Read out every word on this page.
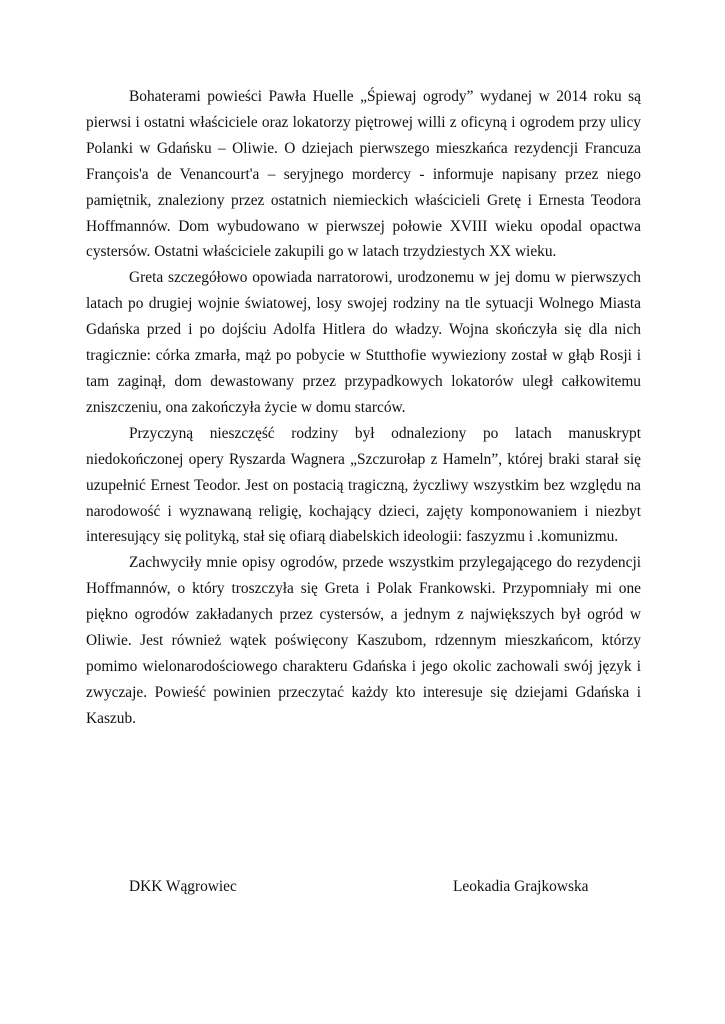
Bohaterami powieści Pawła Huelle „Śpiewaj ogrody” wydanej w 2014 roku są pierwsi i ostatni właściciele oraz lokatorzy piętrowej willi z oficyną i ogrodem przy ulicy Polanki w Gdańsku – Oliwie. O dziejach pierwszego mieszkańca rezydencji Francuza François'a de Venancourt'a – seryjnego mordercy - informuje napisany przez niego pamiętnik, znaleziony przez ostatnich niemieckich właścicieli Gretę i Ernesta Teodora Hoffmannów. Dom wybudowano w pierwszej połowie XVIII wieku opodal opactwa cystersów. Ostatni właściciele zakupili go w latach trzydziestych XX wieku.

Greta szczegółowo opowiada narratorowi, urodzonemu w jej domu w pierwszych latach po drugiej wojnie światowej, losy swojej rodziny na tle sytuacji Wolnego Miasta Gdańska przed i po dojściu Adolfa Hitlera do władzy. Wojna skończyła się dla nich tragicznie: córka zmarła, mąż po pobycie w Stutthofie wywieziony został w głąb Rosji i tam zaginął, dom dewastowany przez przypadkowych lokatorów uległ całkowitemu zniszczeniu, ona zakończyła życie w domu starców.

Przyczyną nieszczęść rodziny był odnaleziony po latach manuskrypt niedokończonej opery Ryszarda Wagnera „Szczurołap z Hameln”, której braki starał się uzupełnić Ernest Teodor. Jest on postacią tragiczną, życzliwy wszystkim bez względu na narodowość i wyznawaną religię, kochający dzieci, zajęty komponowaniem i niezbyt interesujący się polityką, stał się ofiarą diabelskich ideologii: faszyzmu i .komunizmu.

Zachwyciły mnie opisy ogrodów, przede wszystkim przylegającego do rezydencji Hoffmannów, o który troszczyła się Greta i Polak Frankowski. Przypomniały mi one piękno ogrodów zakładanych przez cystersów, a jednym z największych był ogród w Oliwie. Jest również wątek poświęcony Kaszubom, rdzennym mieszkańcom, którzy pomimo wielonarodościowego charakteru Gdańska i jego okolic zachowali swój język i zwyczaje. Powieść powinien przeczytać każdy kto interesuje się dziejami Gdańska i Kaszub.

DKK Wągrowiec	Leokadia Grajkowska
